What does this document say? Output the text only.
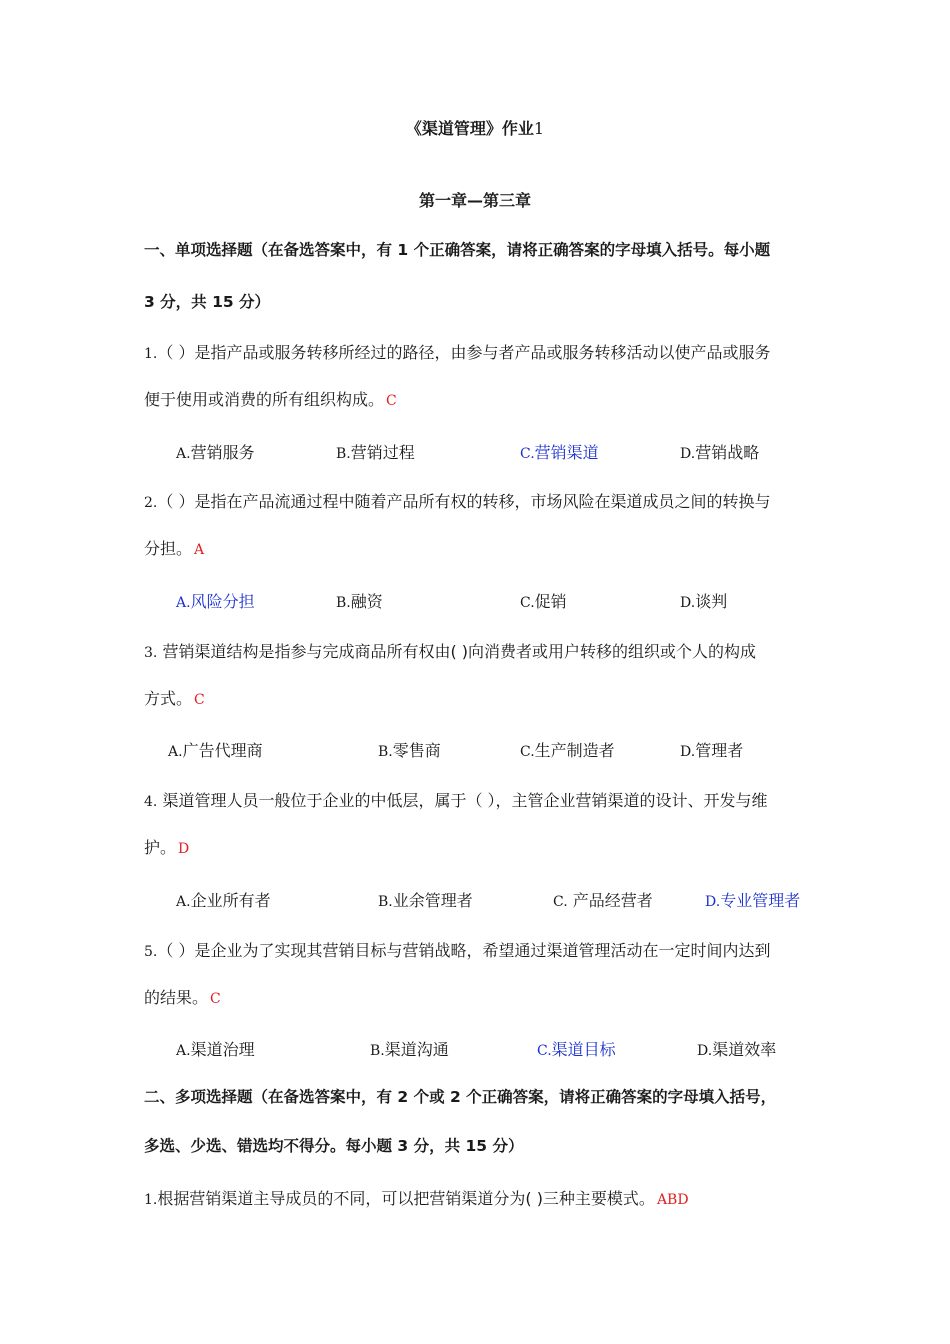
《渠道管理》作业1
第一章—第三章
一、单项选择题（在备选答案中，有 1 个正确答案，请将正确答案的字母填入括号。每小题
3 分，共 15 分）
1.（ ）是指产品或服务转移所经过的路径，由参与者产品或服务转移活动以使产品或服务
便于使用或消费的所有组织构成。 C
A.营销服务	B.营销过程	C.营销渠道	D.营销战略
2.（ ）是指在产品流通过程中随着产品所有权的转移，市场风险在渠道成员之间的转换与
分担。 A
A.风险分担	B.融资	C.促销	D.谈判
3. 营销渠道结构是指参与完成商品所有权由( )向消费者或用户转移的组织或个人的构成
方式。 C
A.广告代理商	B.零售商	C.生产制造者	D.管理者
4. 渠道管理人员一般位于企业的中低层，属于（ ），主管企业营销渠道的设计、开发与维
护。 D
A.企业所有者	B.业余管理者	C. 产品经营者	D.专业管理者
5.（ ）是企业为了实现其营销目标与营销战略，希望通过渠道管理活动在一定时间内达到
的结果。 C
A.渠道治理	B.渠道沟通	C.渠道目标	D.渠道效率
二、多项选择题（在备选答案中，有 2 个或 2 个正确答案，请将正确答案的字母填入括号，
多选、少选、错选均不得分。每小题 3 分，共 15 分）
1.根据营销渠道主导成员的不同，可以把营销渠道分为( )三种主要模式。 ABD
